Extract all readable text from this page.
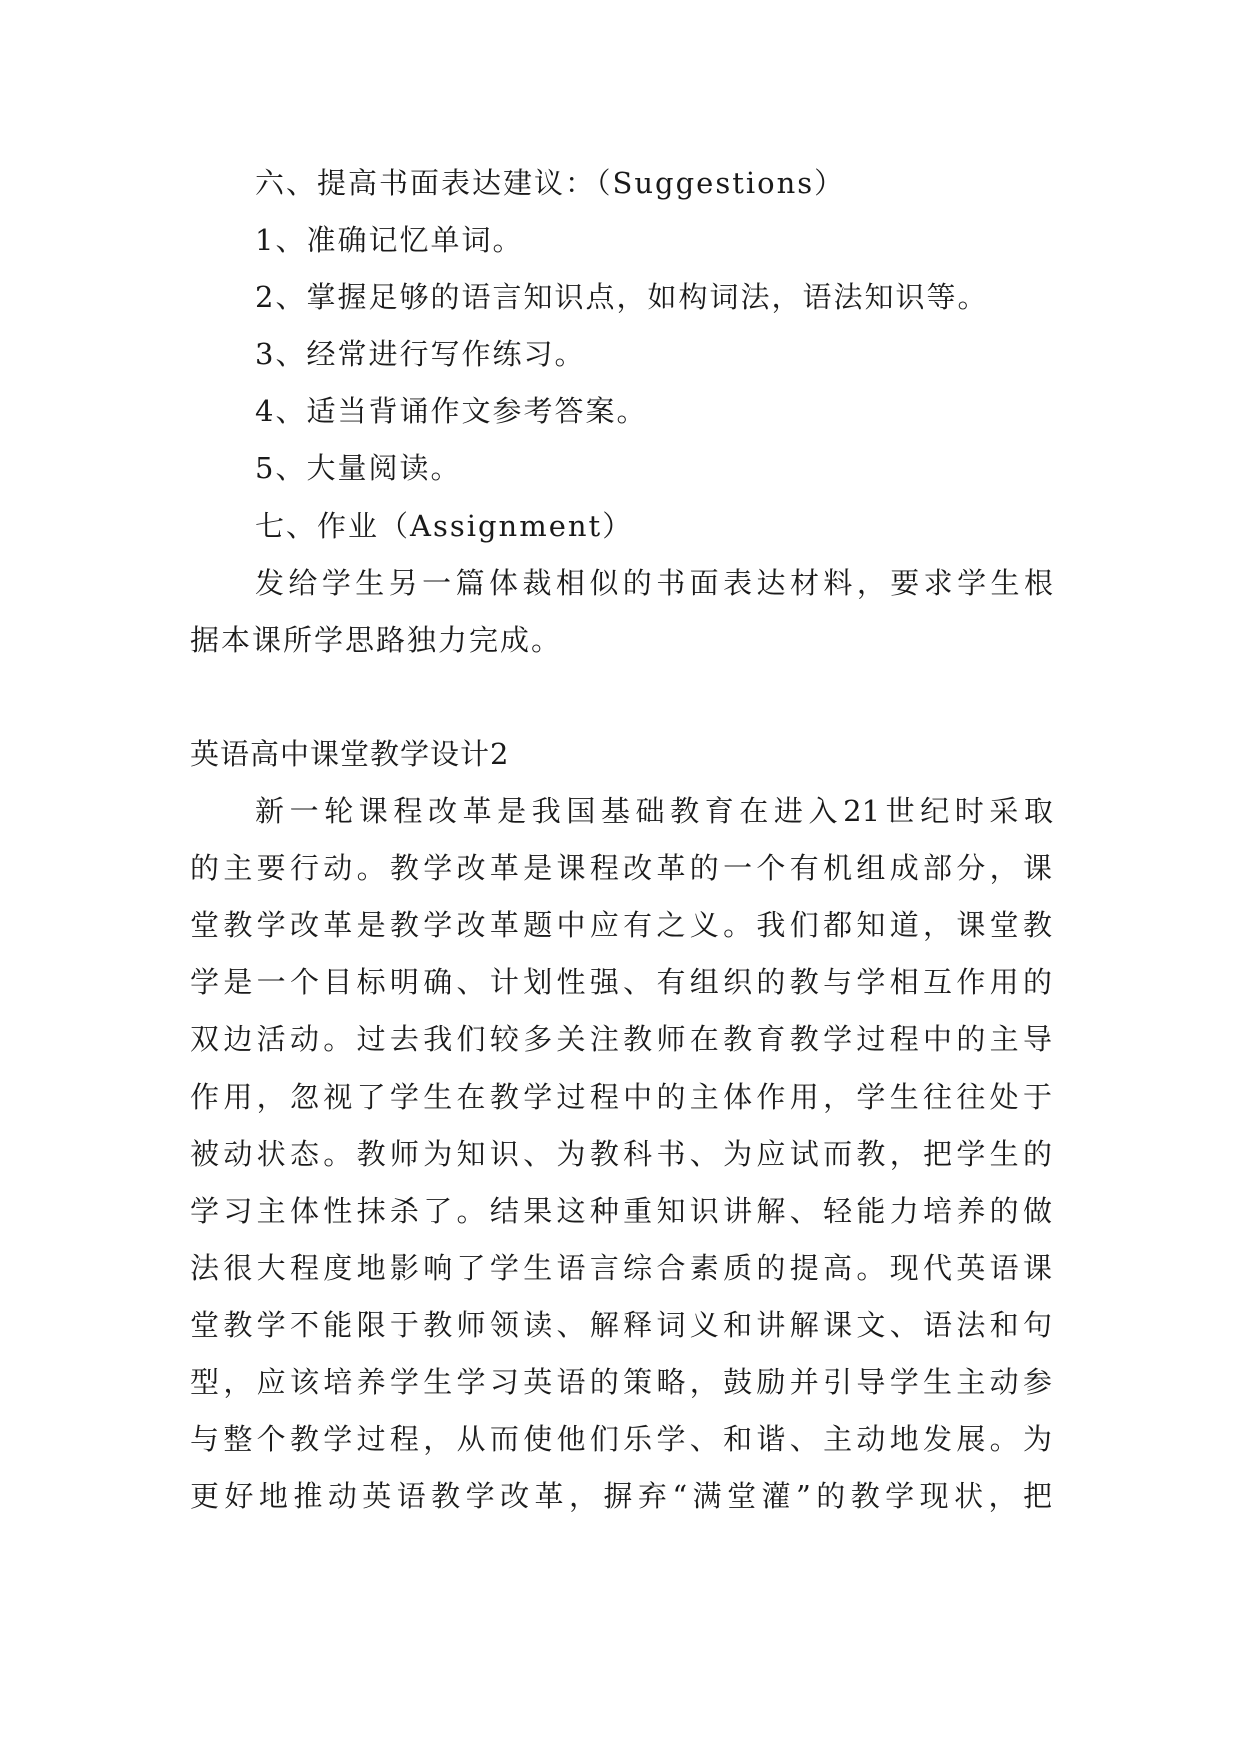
六、提高书面表达建议：（Suggestions）
1、准确记忆单词。
2、掌握足够的语言知识点，如构词法，语法知识等。
3、经常进行写作练习。
4、适当背诵作文参考答案。
5、大量阅读。
七、作业（Assignment）
发给学生另一篇体裁相似的书面表达材料，要求学生根
据本课所学思路独力完成。
英语高中课堂教学设计2
新一轮课程改革是我国基础教育在进入21世纪时采取
的主要行动。教学改革是课程改革的一个有机组成部分，课
堂教学改革是教学改革题中应有之义。我们都知道，课堂教
学是一个目标明确、计划性强、有组织的教与学相互作用的
双边活动。过去我们较多关注教师在教育教学过程中的主导
作用，忽视了学生在教学过程中的主体作用，学生往往处于
被动状态。教师为知识、为教科书、为应试而教，把学生的
学习主体性抹杀了。结果这种重知识讲解、轻能力培养的做
法很大程度地影响了学生语言综合素质的提高。现代英语课
堂教学不能限于教师领读、解释词义和讲解课文、语法和句
型，应该培养学生学习英语的策略，鼓励并引导学生主动参
与整个教学过程，从而使他们乐学、和谐、主动地发展。为
更好地推动英语教学改革，摒弃“满堂灌”的教学现状，把
